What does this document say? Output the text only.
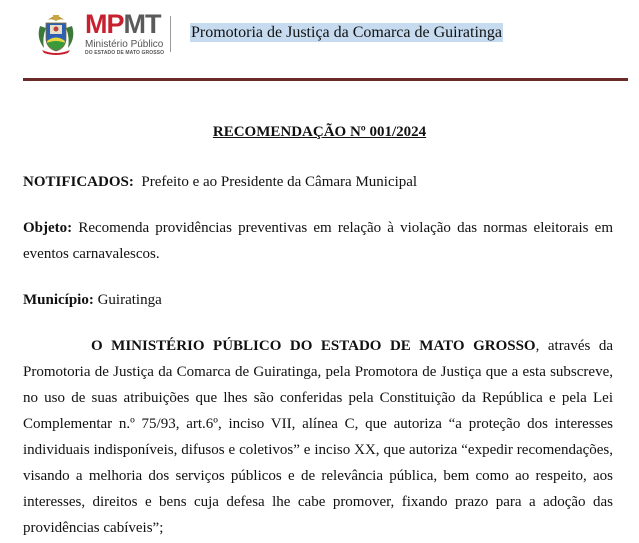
MPMT
Ministério Público
DO ESTADO DE MATO GROSSO
Promotoria de Justiça da Comarca de Guiratinga
RECOMENDAÇÃO Nº 001/2024
NOTIFICADOS: Prefeito e ao Presidente da Câmara Municipal
Objeto: Recomenda providências preventivas em relação à violação das normas eleitorais em eventos carnavalescos.
Município: Guiratinga
O MINISTÉRIO PÚBLICO DO ESTADO DE MATO GROSSO, através da Promotoria de Justiça da Comarca de Guiratinga, pela Promotora de Justiça que a esta subscreve, no uso de suas atribuições que lhes são conferidas pela Constituição da República e pela Lei Complementar n.º 75/93, art.6º, inciso VII, alínea C, que autoriza “a proteção dos interesses individuais indisponíveis, difusos e coletivos” e inciso XX, que autoriza “expedir recomendações, visando a melhoria dos serviços públicos e de relevância pública, bem como ao respeito, aos interesses, direitos e bens cuja defesa lhe cabe promover, fixando prazo para a adoção das providências cabíveis”;
